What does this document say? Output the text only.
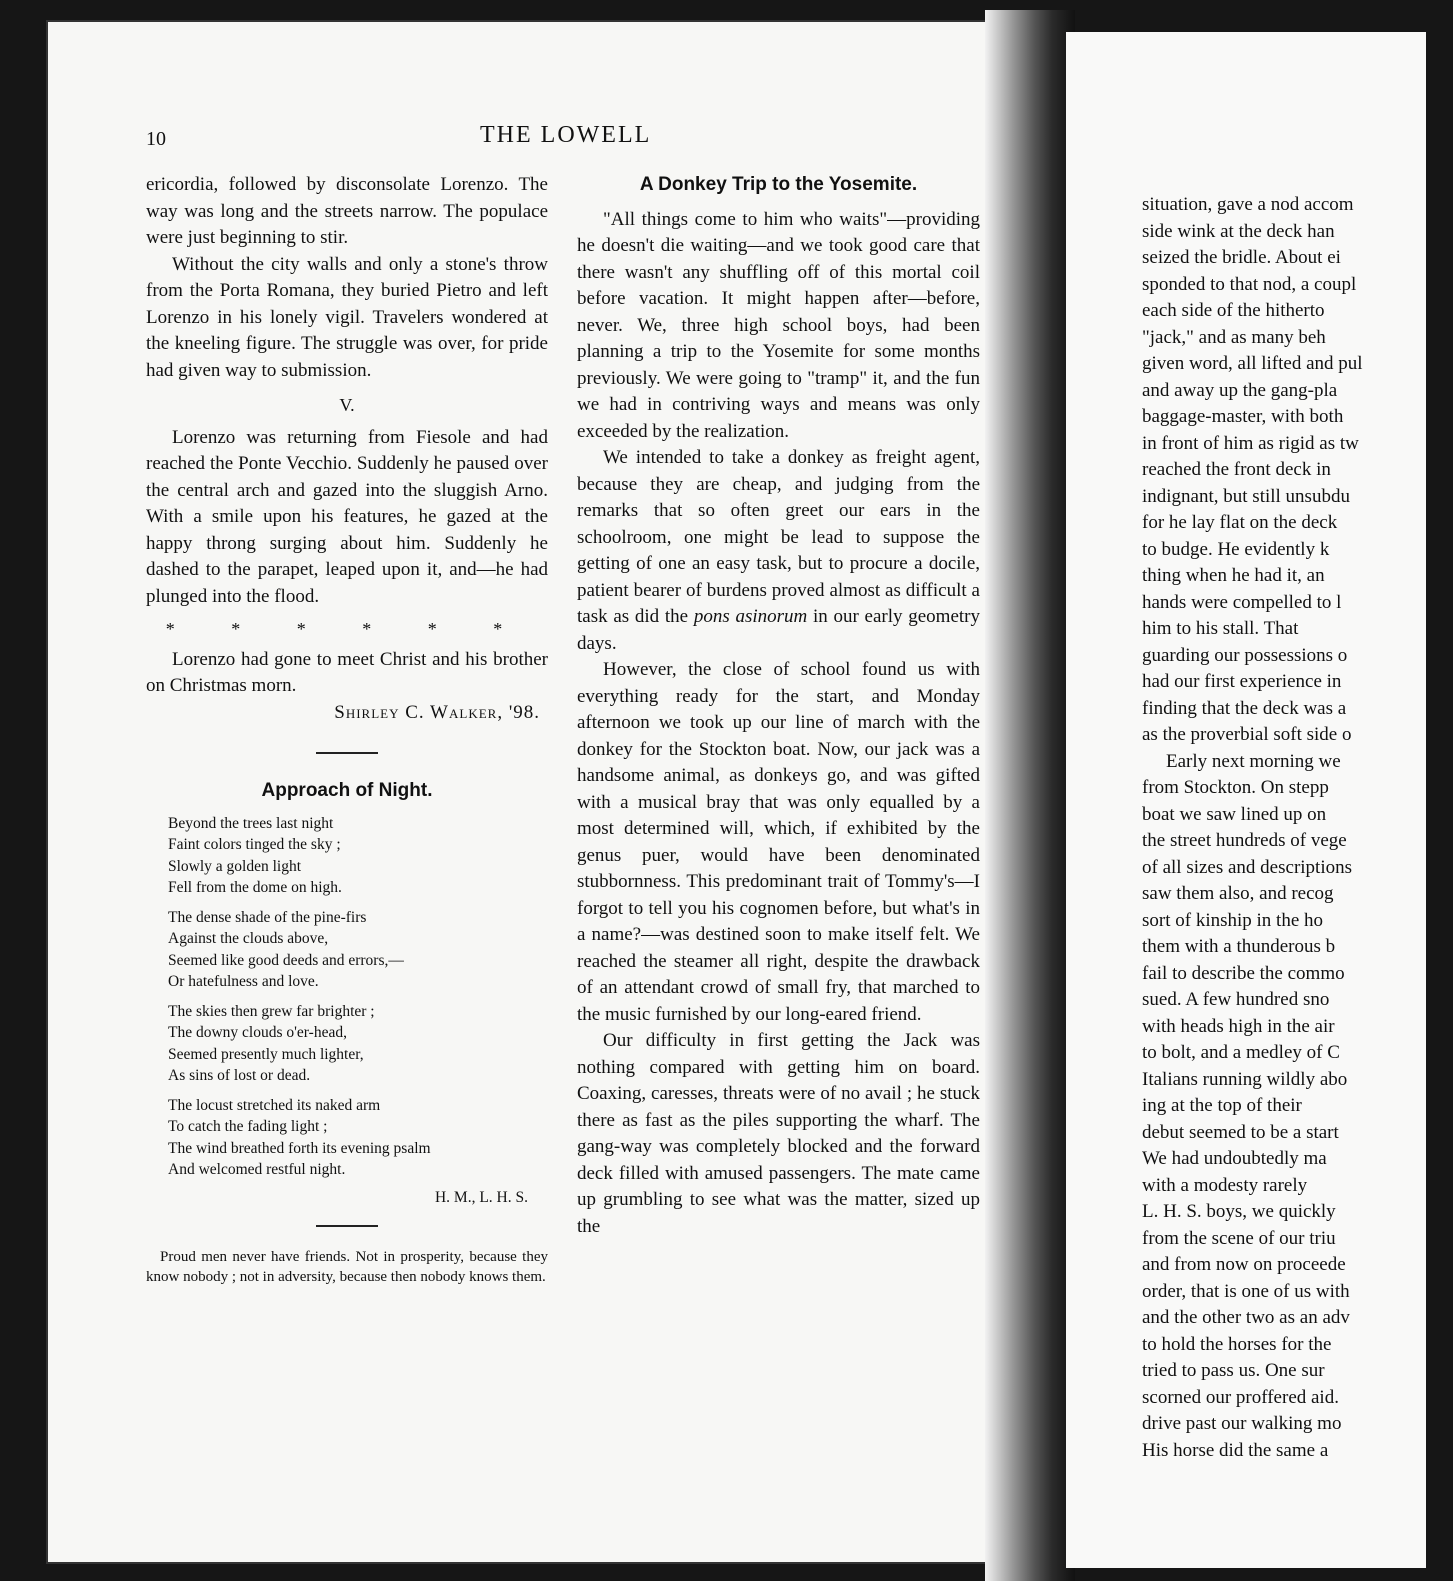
10	THE LOWELL

ericordia, followed by disconsolate Lorenzo. The way was long and the streets narrow. The populace were just beginning to stir.

Without the city walls and only a stone's throw from the Porta Romana, they buried Pietro and left Lorenzo in his lonely vigil. Travelers wondered at the kneeling figure. The struggle was over, for pride had given way to submission.

V.

Lorenzo was returning from Fiesole and had reached the Ponte Vecchio. Suddenly he paused over the central arch and gazed into the sluggish Arno. With a smile upon his features, he gazed at the happy throng surging about him. Suddenly he dashed to the parapet, leaped upon it, and—he had plunged into the flood.

* * * * * *

Lorenzo had gone to meet Christ and his brother on Christmas morn.

Shirley C. Walker, '98.
Approach of Night.
Beyond the trees last night
Faint colors tinged the sky ;
Slowly a golden light
Fell from the dome on high.
The dense shade of the pine-firs
Against the clouds above,
Seemed like good deeds and errors,—
Or hatefulness and love.
The skies then grew far brighter ;
The downy clouds o'er-head,
Seemed presently much lighter,
As sins of lost or dead.
The locust stretched its naked arm
To catch the fading light ;
The wind breathed forth its evening psalm
And welcomed restful night.
H. M., L. H. S.

Proud men never have friends. Not in prosperity, because they know nobody ; not in adversity, because then nobody knows them.

A Donkey Trip to the Yosemite.

"All things come to him who waits"—providing he doesn't die waiting—and we took good care that there wasn't any shuffling off of this mortal coil before vacation. It might happen after—before, never. We, three high school boys, had been planning a trip to the Yosemite for some months previously. We were going to "tramp" it, and the fun we had in contriving ways and means was only exceeded by the realization.

We intended to take a donkey as freight agent, because they are cheap, and judging from the remarks that so often greet our ears in the schoolroom, one might be lead to suppose the getting of one an easy task, but to procure a docile, patient bearer of burdens proved almost as difficult a task as did the pons asinorum in our early geometry days.

However, the close of school found us with everything ready for the start, and Monday afternoon we took up our line of march with the donkey for the Stockton boat. Now, our jack was a handsome animal, as donkeys go, and was gifted with a musical bray that was only equalled by a most determined will, which, if exhibited by the genus puer, would have been denominated stubbornness. This predominant trait of Tommy's—I forgot to tell you his cognomen before, but what's in a name?—was destined soon to make itself felt. We reached the steamer all right, despite the drawback of an attendant crowd of small fry, that marched to the music furnished by our long-eared friend.

Our difficulty in first getting the Jack was nothing compared with getting him on board. Coaxing, caresses, threats were of no avail ; he stuck there as fast as the piles supporting the wharf. The gang-way was completely blocked and the forward deck filled with amused passengers. The mate came up grumbling to see what was the matter, sized up the

situation, gave a nod accom

side wink at the deck han

seized the bridle. About ei

sponded to that nod, a coupl

each side of the hitherto

"jack," and as many beh

given word, all lifted and pul

and away up the gang-pla

baggage-master, with both

in front of him as rigid as tw

reached the front deck in

indignant, but still unsubdu

for he lay flat on the deck

to budge. He evidently k

thing when he had it, an

hands were compelled to l

him to his stall. That

guarding our possessions o

had our first experience in

finding that the deck was a

as the proverbial soft side o

Early next morning we

from Stockton. On stepp

boat we saw lined up on

the street hundreds of vege

of all sizes and descriptions

saw them also, and recog

sort of kinship in the ho

them with a thunderous b

fail to describe the commo

sued. A few hundred sno

with heads high in the air

to bolt, and a medley of C

Italians running wildly abo

ing at the top of their

debut seemed to be a start

We had undoubtedly ma

with a modesty rarely

L. H. S. boys, we quickly

from the scene of our triu

and from now on proceede

order, that is one of us with

and the other two as an adv

to hold the horses for the

tried to pass us. One sur

scorned our proffered aid.

drive past our walking mo

His horse did the same a
